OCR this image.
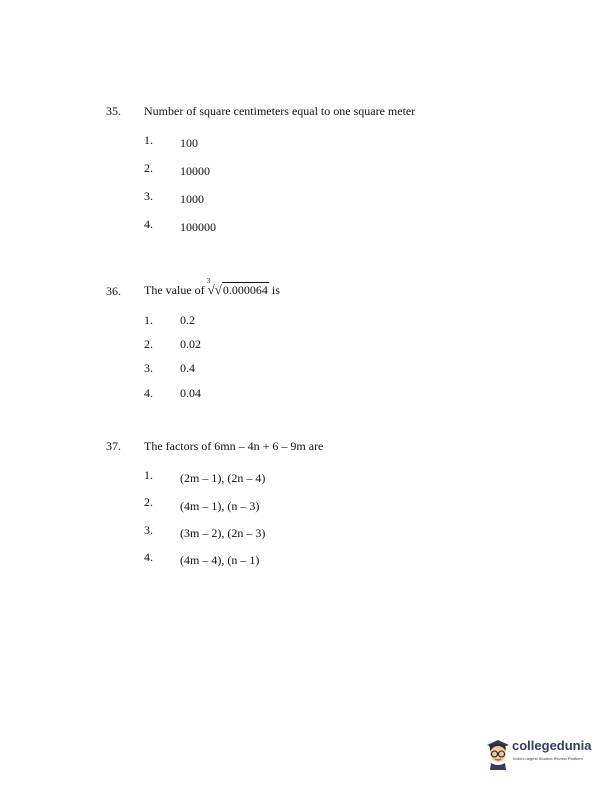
35. Number of square centimeters equal to one square meter
1. 100
2. 10000
3. 1000
4. 100000
36. The value of
3
√√0.000064 is
1. 0.2
2. 0.02
3. 0.4
4. 0.04
37. The factors of 6mn – 4n + 6 – 9m are
1. (2m – 1), (2n – 4)
2. (4m – 1), (n – 3)
3. (3m – 2), (2n – 3)
4. (4m – 4), (n – 1)
collegedunia
India's largest Student Review Platform
